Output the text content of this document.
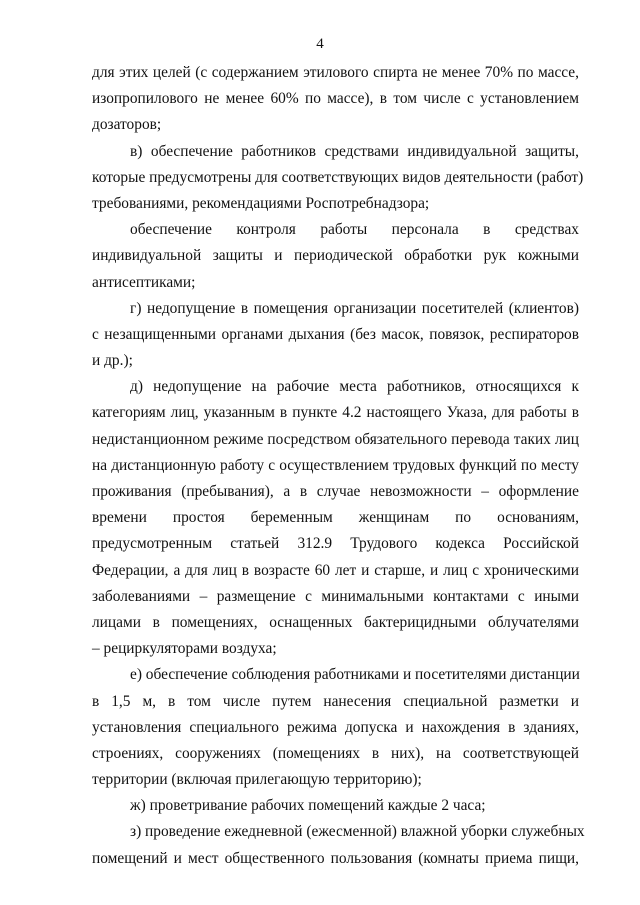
4
для этих целей (с содержанием этилового спирта не менее 70% по массе,
изопропилового не менее 60% по массе), в том числе с установлением
дозаторов;
в) обеспечение работников средствами индивидуальной защиты,
которые предусмотрены для соответствующих видов деятельности (работ)
требованиями, рекомендациями Роспотребнадзора;
обеспечение контроля работы персонала в средствах
индивидуальной защиты и периодической обработки рук кожными
антисептиками;
г) недопущение в помещения организации посетителей (клиентов)
с незащищенными органами дыхания (без масок, повязок, респираторов
и др.);
д) недопущение на рабочие места работников, относящихся к
категориям лиц, указанным в пункте 4.2 настоящего Указа, для работы в
недистанционном режиме посредством обязательного перевода таких лиц
на дистанционную работу с осуществлением трудовых функций по месту
проживания (пребывания), а в случае невозможности – оформление
времени простоя беременным женщинам по основаниям,
предусмотренным статьей 312.9 Трудового кодекса Российской
Федерации, а для лиц в возрасте 60 лет и старше, и лиц с хроническими
заболеваниями – размещение с минимальными контактами с иными
лицами в помещениях, оснащенных бактерицидными облучателями
– рециркуляторами воздуха;
е) обеспечение соблюдения работниками и посетителями дистанции
в 1,5 м, в том числе путем нанесения специальной разметки и
установления специального режима допуска и нахождения в зданиях,
строениях, сооружениях (помещениях в них), на соответствующей
территории (включая прилегающую территорию);
ж) проветривание рабочих помещений каждые 2 часа;
з) проведение ежедневной (ежесменной) влажной уборки служебных
помещений и мест общественного пользования (комнаты приема пищи,
